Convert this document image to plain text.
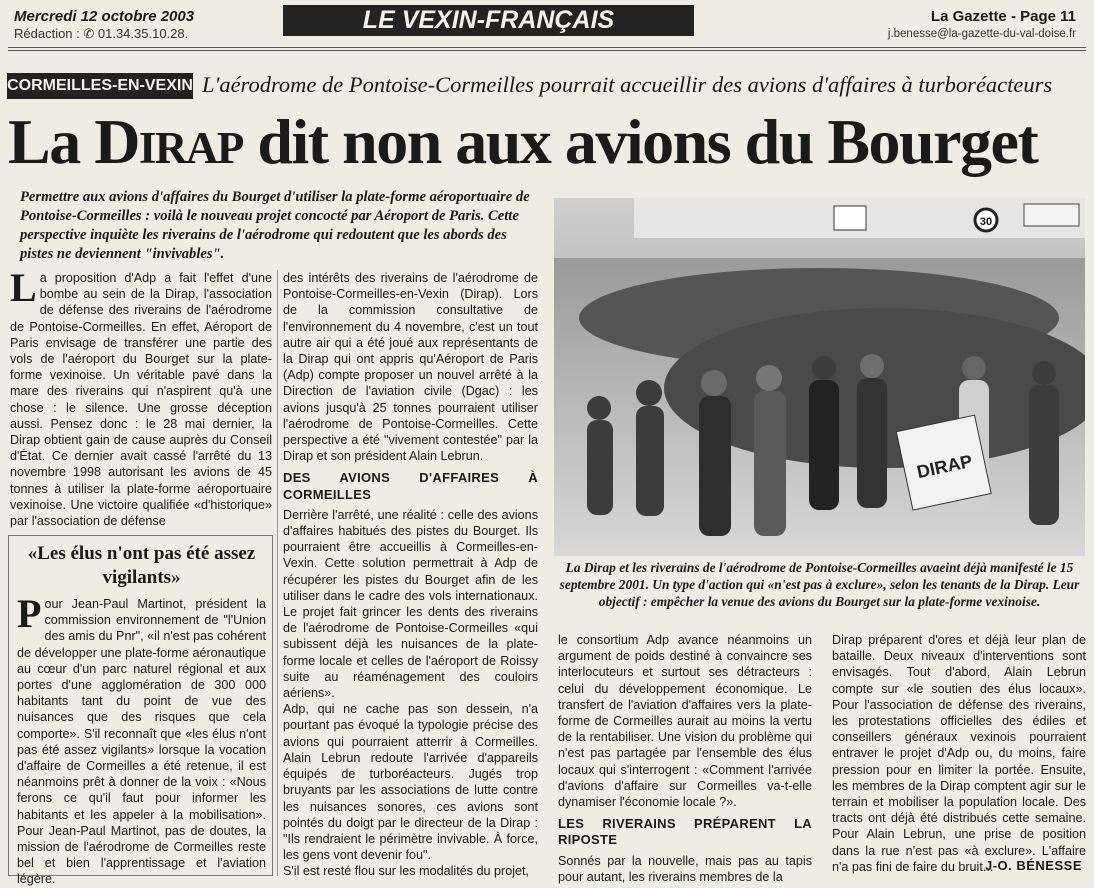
Mercredi 12 octobre 2003
Rédaction : ✆ 01.34.35.10.28.	LE VEXIN-FRANÇAIS	La Gazette - Page 11
j.benesse@la-gazette-du-val-doise.fr
CORMEILLES-EN-VEXIN L'aérodrome de Pontoise-Cormeilles pourrait accueillir des avions d'affaires à turboréacteurs
La Dirap dit non aux avions du Bourget
Permettre aux avions d'affaires du Bourget d'utiliser la plate-forme aéroportuaire de Pontoise-Cormeilles : voilà le nouveau projet concocté par Aéroport de Paris. Cette perspective inquiète les riverains de l'aérodrome qui redoutent que les abords des pistes ne deviennent "invivables".

La proposition d'Adp a fait l'effet d'une bombe au sein de la Dirap, l'association de défense des riverains de l'aérodrome de Pontoise-Cormeilles. En effet, Aéroport de Paris envisage de transférer une partie des vols de l'aéroport du Bourget sur la plate-forme vexinoise. Un véritable pavé dans la mare des riverains qui n'aspirent qu'à une chose : le silence. Une grosse déception aussi. Pensez donc : le 28 mai dernier, la Dirap obtient gain de cause auprès du Conseil d'État. Ce dernier avait cassé l'arrêté du 13 novembre 1998 autorisant les avions de 45 tonnes à utiliser la plate-forme aéroportuaire vexinoise. Une victoire qualifiée «d'historique» par l'association de défense

«Les élus n'ont pas été assez vigilants»

Pour Jean-Paul Martinot, président la commission environnement de "l'Union des amis du Pnr", «il n'est pas cohérent de développer une plate-forme aéronautique au cœur d'un parc naturel régional et aux portes d'une agglomération de 300 000 habitants tant du point de vue des nuisances que des risques que cela comporte». S'il reconnaît que «les élus n'ont pas été assez vigilants» lorsque la vocation d'affaire de Cormeilles a été retenue, il est néanmoins prêt à donner de la voix : «Nous ferons ce qu'il faut pour informer les habitants et les appeler à la mobilisation». Pour Jean-Paul Martinot, pas de doutes, la mission de l'aérodrome de Cormeilles reste bel et bien l'apprentissage et l'aviation légère.

des intérêts des riverains de l'aérodrome de Pontoise-Cormeilles-en-Vexin (Dirap). Lors de la commission consultative de l'environnement du 4 novembre, c'est un tout autre air qui a été joué aux représentants de la Dirap qui ont appris qu'Aéroport de Paris (Adp) compte proposer un nouvel arrêté à la Direction de l'aviation civile (Dgac) : les avions jusqu'à 25 tonnes pourraient utiliser l'aérodrome de Pontoise-Cormeilles. Cette perspective a été "vivement contestée" par la Dirap et son président Alain Lebrun.

DES AVIONS D'AFFAIRES À CORMEILLES

Derrière l'arrêté, une réalité : celle des avions d'affaires habitués des pistes du Bourget. Ils pourraient être accueillis à Cormeilles-en-Vexin. Cette solution permettrait à Adp de récupérer les pistes du Bourget afin de les utiliser dans le cadre des vols internationaux. Le projet fait grincer les dents des riverains de l'aérodrome de Pontoise-Cormeilles «qui subissent déjà les nuisances de la plate-forme locale et celles de l'aéroport de Roissy suite au réaménagement des couloirs aériens».

Adp, qui ne cache pas son dessein, n'a pourtant pas évoqué la typologie précise des avions qui pourraient atterrir à Cormeilles. Alain Lebrun redoute l'arrivée d'appareils équipés de turboréacteurs. Jugés trop bruyants par les associations de lutte contre les nuisances sonores, ces avions sont pointés du doigt par le directeur de la Dirap : "Ils rendraient le périmètre invivable. À force, les gens vont devenir fou".

S'il est resté flou sur les modalités du projet,

30
DIRAP
La Dirap et les riverains de l'aérodrome de Pontoise-Cormeilles avaeint déjà manifesté le 15 septembre 2001. Un type d'action qui «n'est pas à exclure», selon les tenants de la Dirap. Leur objectif : empêcher la venue des avions du Bourget sur la plate-forme vexinoise.

le consortium Adp avance néanmoins un argument de poids destiné à convaincre ses interlocuteurs et surtout ses détracteurs : celui du développement économique. Le transfert de l'aviation d'affaires vers la plate-forme de Cormeilles aurait au moins la vertu de la rentabiliser. Une vision du problème qui n'est pas partagée par l'ensemble des élus locaux qui s'interrogent : «Comment l'arrivée d'avions d'affaire sur Cormeilles va-t-elle dynamiser l'économie locale ?».

LES RIVERAINS PRÉPARENT LA RIPOSTE

Sonnés par la nouvelle, mais pas au tapis pour autant, les riverains membres de la

Dirap préparent d'ores et déjà leur plan de bataille. Deux niveaux d'interventions sont envisagés. Tout d'abord, Alain Lebrun compte sur «le soutien des élus locaux». Pour l'association de défense des riverains, les protestations officielles des édiles et conseillers généraux vexinois pourraient entraver le projet d'Adp ou, du moins, faire pression pour en limiter la portée. Ensuite, les membres de la Dirap comptent agir sur le terrain et mobiliser la population locale. Des tracts ont déjà été distribués cette semaine. Pour Alain Lebrun, une prise de position dans la rue n'est pas «à exclure». L'affaire n'a pas fini de faire du bruit...

J-O. BÉNESSE
